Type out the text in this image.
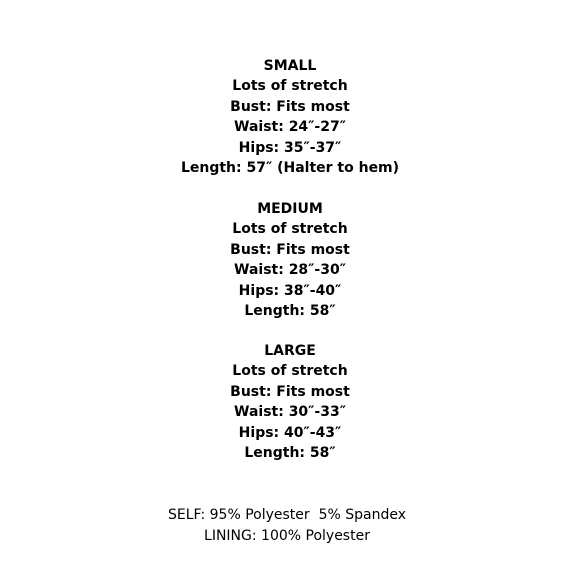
SMALL
Lots of stretch
Bust: Fits most
Waist: 24″-27″
Hips: 35″-37″
Length: 57″ (Halter to hem)
MEDIUM
Lots of stretch
Bust: Fits most
Waist: 28″-30″
Hips: 38″-40″
Length: 58″
LARGE
Lots of stretch
Bust: Fits most
Waist: 30″-33″
Hips: 40″-43″
Length: 58″
SELF: 95% Polyester  5% Spandex
LINING: 100% Polyester
